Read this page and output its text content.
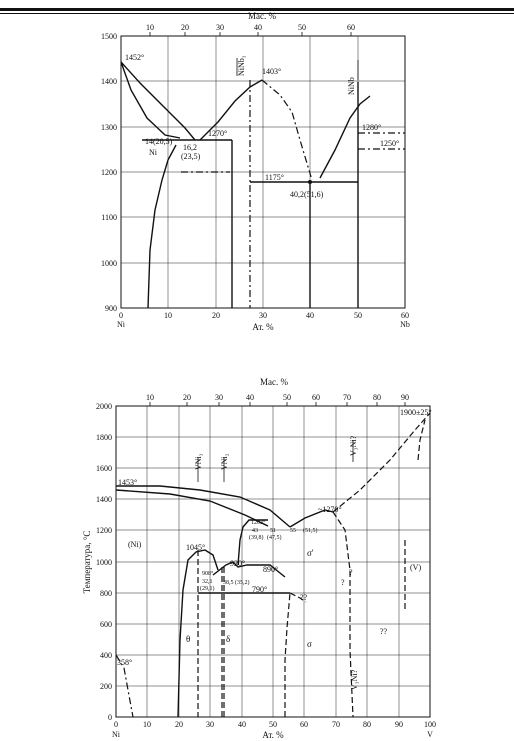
Мас. %
10	20	30	40	50	60
1500
1400
1300
1200
1100
1000
900
0	10	20	30	40	50	60
Ni	Nb
Ат. %
1452°
Ni
14(20,5)
16,2
(23,5)
1270°
NiNb₃ 1403°
NiNb
1280°
1250°
1175°
40,2(51,6)
Мас. %
10	20	30	40	50	60	70	80	90
2000
1800
1600
1400
1200
1000
800
600
400
200
0
0	10	20	30	40	50	60	70	80	90	100
Ni	V
Ат. %
Температура, °С
VNi₃ VNi₂
V₃Ni?
1900±25°
1453°
1203°
~1270°
(Ni)	1045°
920°
890°
908°
32,1
(29,1)
38,5 (35,2)
790°
43
(39,8)
51
(47,5)
55 (51,5)
σ'
?
?
??
??
(V)
θ	δ	σ
V₃Ni?
358°
